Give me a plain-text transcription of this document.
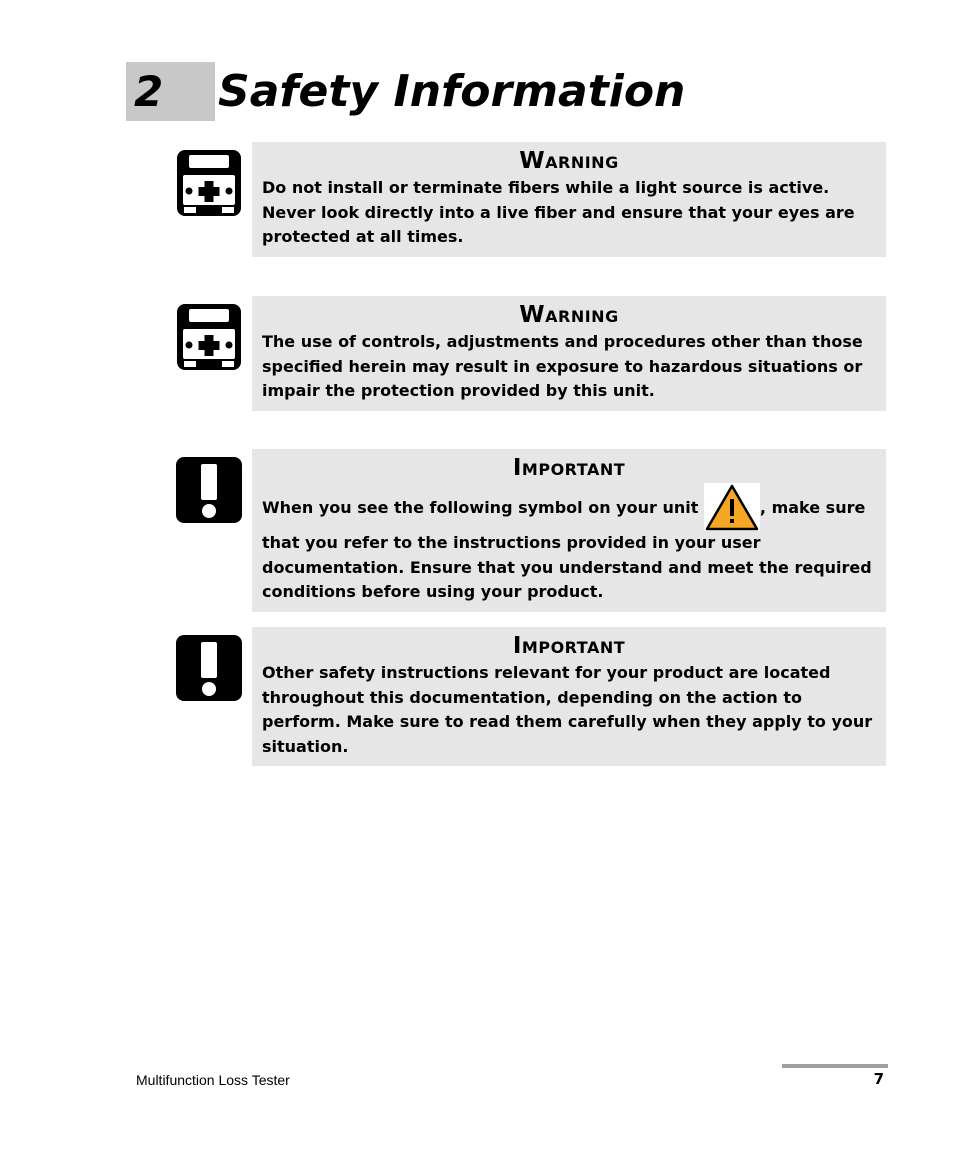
2 Safety Information
Warning
Do not install or terminate fibers while a light source is active. Never look directly into a live fiber and ensure that your eyes are protected at all times.
Warning
The use of controls, adjustments and procedures other than those specified herein may result in exposure to hazardous situations or impair the protection provided by this unit.
Important
When you see the following symbol on your unit	, make sure that you refer to the instructions provided in your user documentation. Ensure that you understand and meet the required conditions before using your product.
Important
Other safety instructions relevant for your product are located throughout this documentation, depending on the action to perform. Make sure to read them carefully when they apply to your situation.
Multifunction Loss Tester	7
